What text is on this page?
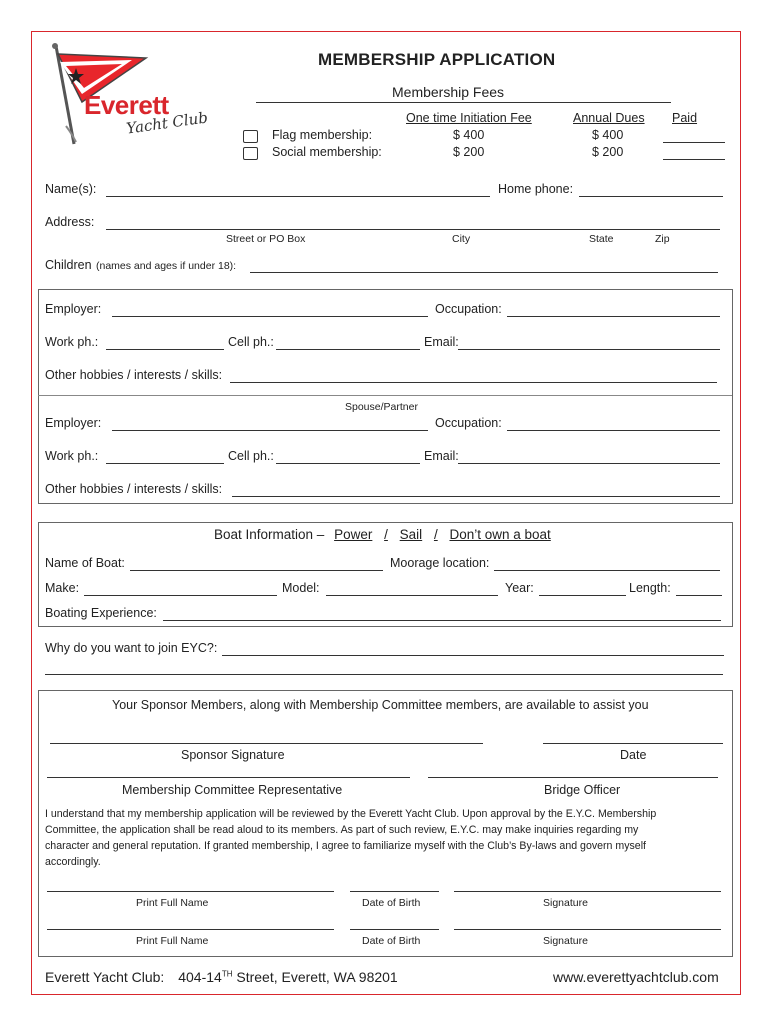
Everett
Yacht Club
MEMBERSHIP APPLICATION
Membership Fees
One time Initiation Fee	Annual Dues Paid
Flag membership:	$ 400	$ 400
Social membership:	$ 200	$ 200
Name(s):	Home phone:
Address:
Street or PO Box	City	State	Zip
Children (names and ages if under 18):
Employer:	Occupation:
Work ph.:	Cell ph.:	Email:
Other hobbies / interests / skills:
Spouse/Partner
Employer:	Occupation:
Work ph.:	Cell ph.:	Email:
Other hobbies / interests / skills:
Boat Information – Power / Sail / Don’t own a boat
Name of Boat:	Moorage location:
Make:	Model:	Year:	Length:
Boating Experience:
Why do you want to join EYC?:
Your Sponsor Members, along with Membership Committee members, are available to assist you
Sponsor Signature	Date
Membership Committee Representative	Bridge Officer
I understand that my membership application will be reviewed by the Everett Yacht Club. Upon approval by the E.Y.C. Membership
Committee, the application shall be read aloud to its members. As part of such review, E.Y.C. may make inquiries regarding my
character and general reputation. If granted membership, I agree to familiarize myself with the Club’s By-laws and govern myself
accordingly.
Print Full Name	Date of Birth	Signature
Print Full Name	Date of Birth	Signature
Everett Yacht Club: 404-14TH Street, Everett, WA 98201	www.everettyachtclub.com
